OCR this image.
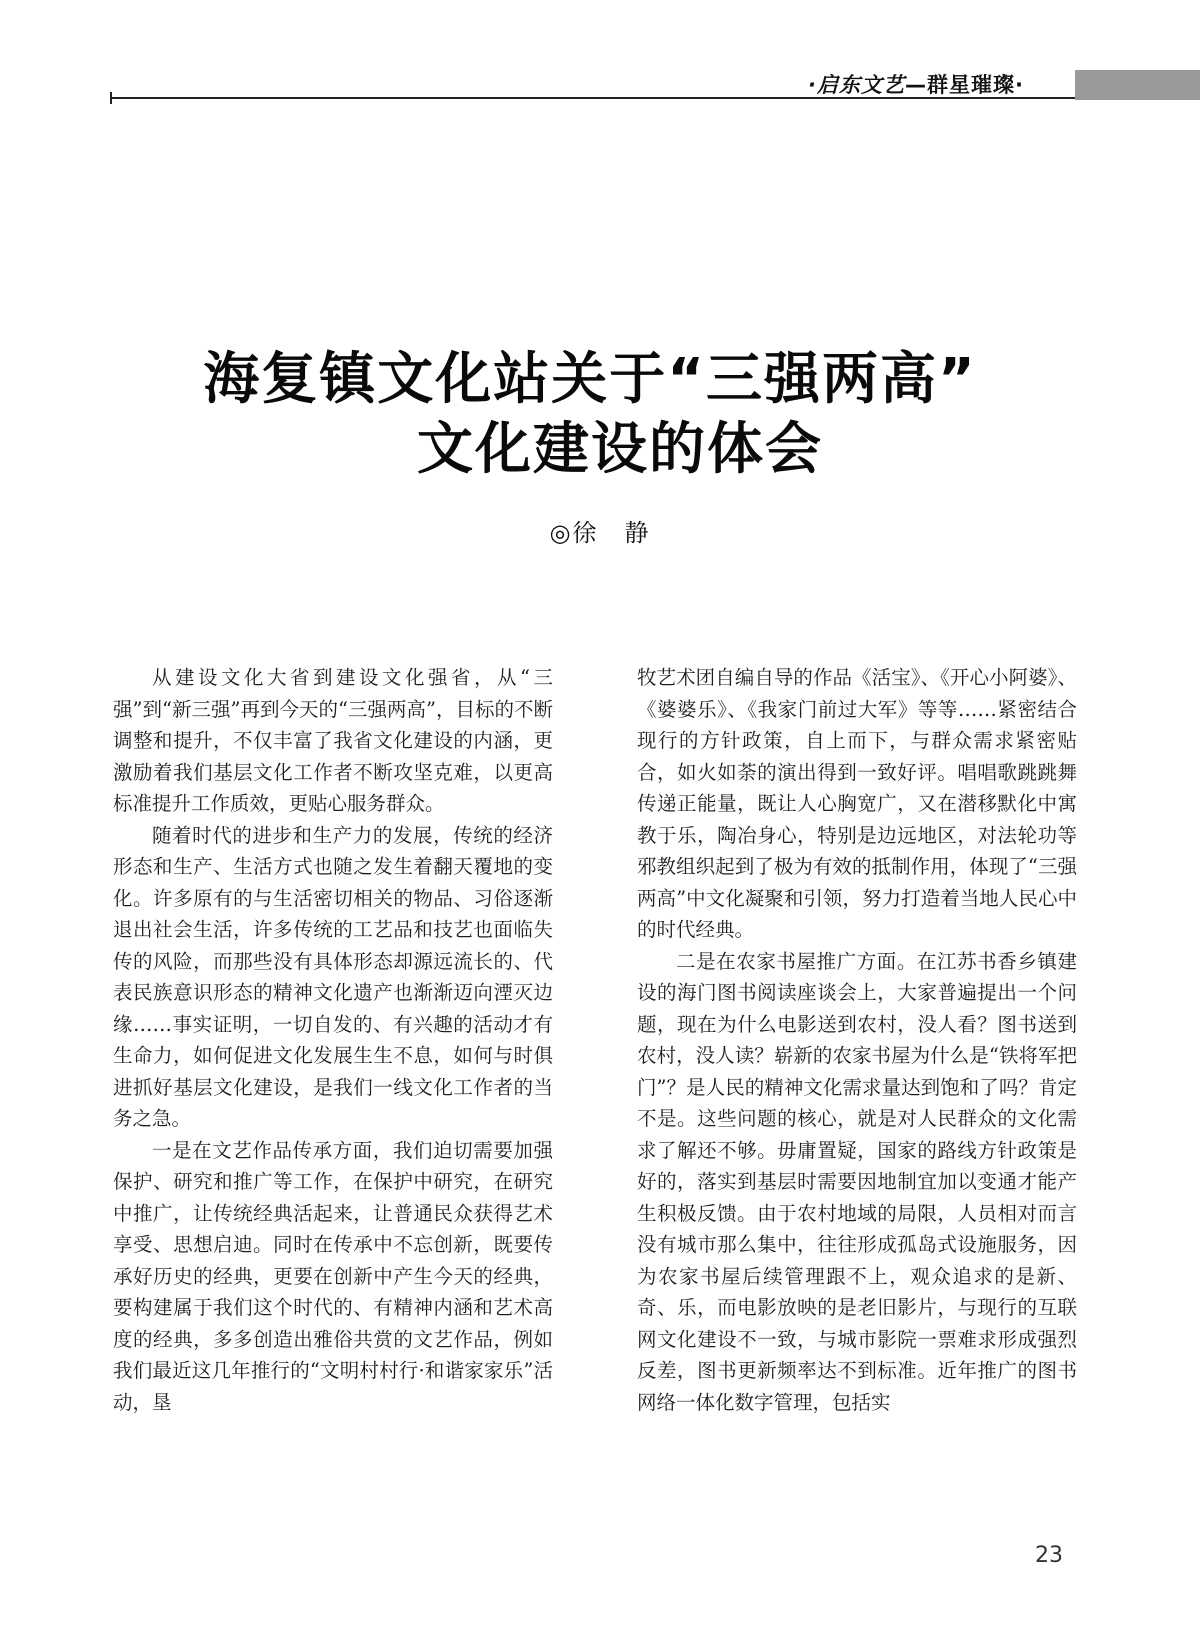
·启东文艺—群星璀璨·
海复镇文化站关于“三强两高”
文化建设的体会
◎徐　静

从建设文化大省到建设文化强省，从“三强”到“新三强”再到今天的“三强两高”，目标的不断调整和提升，不仅丰富了我省文化建设的内涵，更激励着我们基层文化工作者不断攻坚克难，以更高标准提升工作质效，更贴心服务群众。

随着时代的进步和生产力的发展，传统的经济形态和生产、生活方式也随之发生着翻天覆地的变化。许多原有的与生活密切相关的物品、习俗逐渐退出社会生活，许多传统的工艺品和技艺也面临失传的风险，而那些没有具体形态却源远流长的、代表民族意识形态的精神文化遗产也渐渐迈向湮灭边缘……事实证明，一切自发的、有兴趣的活动才有生命力，如何促进文化发展生生不息，如何与时俱进抓好基层文化建设，是我们一线文化工作者的当务之急。

一是在文艺作品传承方面，我们迫切需要加强保护、研究和推广等工作，在保护中研究，在研究中推广，让传统经典活起来，让普通民众获得艺术享受、思想启迪。同时在传承中不忘创新，既要传承好历史的经典，更要在创新中产生今天的经典，要构建属于我们这个时代的、有精神内涵和艺术高度的经典，多多创造出雅俗共赏的文艺作品，例如我们最近这几年推行的“文明村村行·和谐家家乐”活动，垦

牧艺术团自编自导的作品《活宝》、《开心小阿婆》、《婆婆乐》、《我家门前过大军》等等……紧密结合现行的方针政策，自上而下，与群众需求紧密贴合，如火如荼的演出得到一致好评。唱唱歌跳跳舞传递正能量，既让人心胸宽广，又在潜移默化中寓教于乐，陶冶身心，特别是边远地区，对法轮功等邪教组织起到了极为有效的抵制作用，体现了“三强两高”中文化凝聚和引领，努力打造着当地人民心中的时代经典。

二是在农家书屋推广方面。在江苏书香乡镇建设的海门图书阅读座谈会上，大家普遍提出一个问题，现在为什么电影送到农村，没人看？图书送到农村，没人读？崭新的农家书屋为什么是“铁将军把门”？是人民的精神文化需求量达到饱和了吗？肯定不是。这些问题的核心，就是对人民群众的文化需求了解还不够。毋庸置疑，国家的路线方针政策是好的，落实到基层时需要因地制宜加以变通才能产生积极反馈。由于农村地域的局限，人员相对而言没有城市那么集中，往往形成孤岛式设施服务，因为农家书屋后续管理跟不上，观众追求的是新、奇、乐，而电影放映的是老旧影片，与现行的互联网文化建设不一致，与城市影院一票难求形成强烈反差，图书更新频率达不到标准。近年推广的图书网络一体化数字管理，包括实

23
